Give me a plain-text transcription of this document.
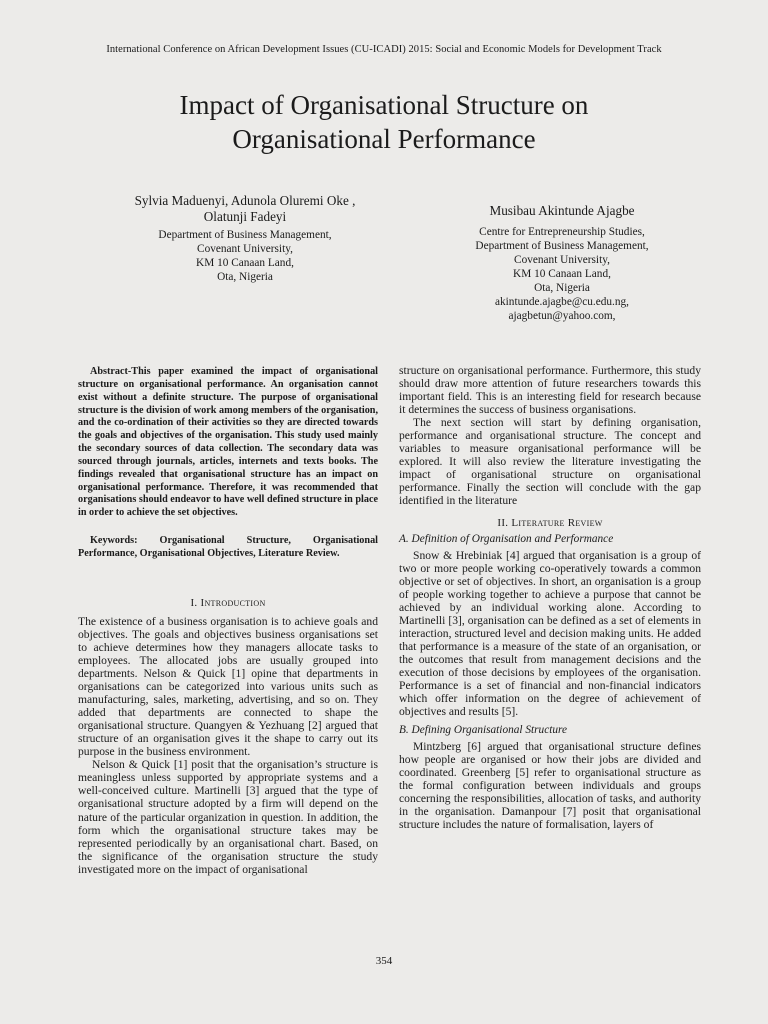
International Conference on African Development Issues (CU-ICADI) 2015: Social and Economic Models for Development Track
Impact of Organisational Structure on
Organisational Performance
Sylvia Maduenyi, Adunola Oluremi Oke ,
Olatunji Fadeyi
Department of Business Management,
Covenant University,
KM 10 Canaan Land,
Ota, Nigeria
Musibau Akintunde Ajagbe
Centre for Entrepreneurship Studies,
Department of Business Management,
Covenant University,
KM 10 Canaan Land,
Ota, Nigeria
akintunde.ajagbe@cu.edu.ng,
ajagbetun@yahoo.com,
Abstract-This paper examined the impact of organisational structure on organisational performance. An organisation cannot exist without a definite structure. The purpose of organisational structure is the division of work among members of the organisation, and the co-ordination of their activities so they are directed towards the goals and objectives of the organisation. This study used mainly the secondary sources of data collection. The secondary data was sourced through journals, articles, internets and texts books. The findings revealed that organisational structure has an impact on organisational performance. Therefore, it was recommended that organisations should endeavor to have well defined structure in place in order to achieve the set objectives.
Keywords: Organisational Structure, Organisational Performance, Organisational Objectives, Literature Review.
I. Introduction

The existence of a business organisation is to achieve goals and objectives. The goals and objectives business organisations set to achieve determines how they managers allocate tasks to employees. The allocated jobs are usually grouped into departments. Nelson & Quick [1] opine that departments in organisations can be categorized into various units such as manufacturing, sales, marketing, advertising, and so on. They added that departments are connected to shape the organisational structure. Quangyen & Yezhuang [2] argued that structure of an organisation gives it the shape to carry out its purpose in the business environment.

Nelson & Quick [1] posit that the organisation’s structure is meaningless unless supported by appropriate systems and a well-conceived culture. Martinelli [3] argued that the type of organisational structure adopted by a firm will depend on the nature of the particular organization in question. In addition, the form which the organisational structure takes may be represented periodically by an organisational chart. Based, on the significance of the organisation structure the study investigated more on the impact of organisational

structure on organisational performance. Furthermore, this study should draw more attention of future researchers towards this important field. This is an interesting field for research because it determines the success of business organisations.

The next section will start by defining organisation, performance and organisational structure. The concept and variables to measure organisational performance will be explored. It will also review the literature investigating the impact of organisational structure on organisational performance. Finally the section will conclude with the gap identified in the literature

II. Literature Review
A. Definition of Organisation and Performance

Snow & Hrebiniak [4] argued that organisation is a group of two or more people working co-operatively towards a common objective or set of objectives. In short, an organisation is a group of people working together to achieve a purpose that cannot be achieved by an individual working alone. According to Martinelli [3], organisation can be defined as a set of elements in interaction, structured level and decision making units. He added that performance is a measure of the state of an organisation, or the outcomes that result from management decisions and the execution of those decisions by employees of the organisation. Performance is a set of financial and non-financial indicators which offer information on the degree of achievement of objectives and results [5].

B. Defining Organisational Structure

Mintzberg [6] argued that organisational structure defines how people are organised or how their jobs are divided and coordinated. Greenberg [5] refer to organisational structure as the formal configuration between individuals and groups concerning the responsibilities, allocation of tasks, and authority in the organisation. Damanpour [7] posit that organisational structure includes the nature of formalisation, layers of

354
